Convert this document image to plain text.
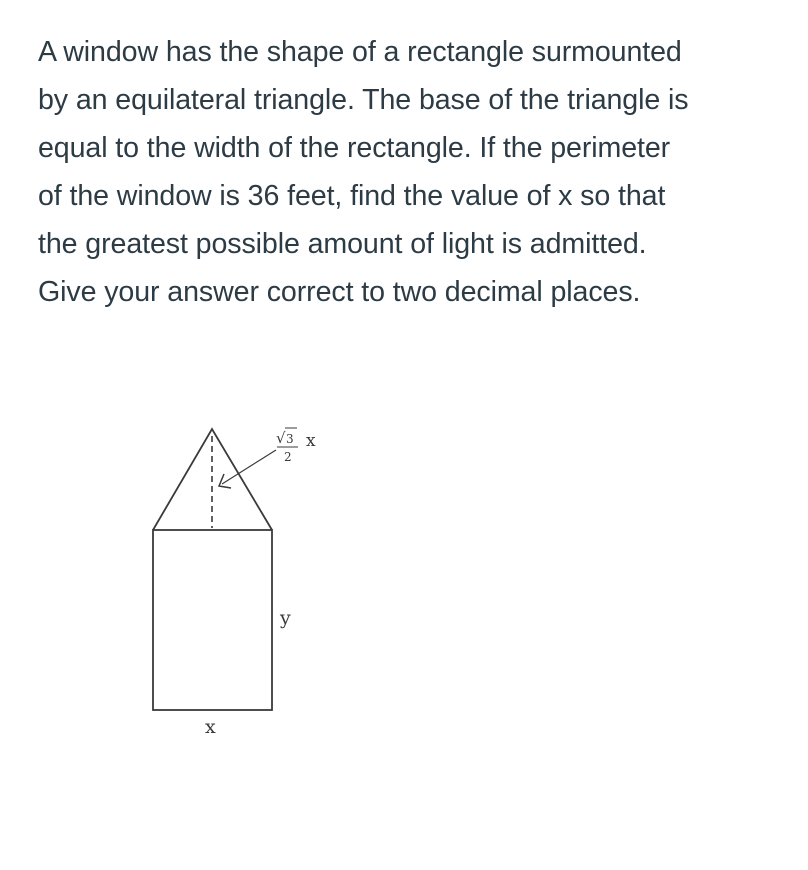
A window has the shape of a rectangle surmounted
by an equilateral triangle. The base of the triangle is
equal to the width of the rectangle. If the perimeter
of the window is 36 feet, find the value of x so that
the greatest possible amount of light is admitted.
Give your answer correct to two decimal places.
√ 3
2
x
y
x
